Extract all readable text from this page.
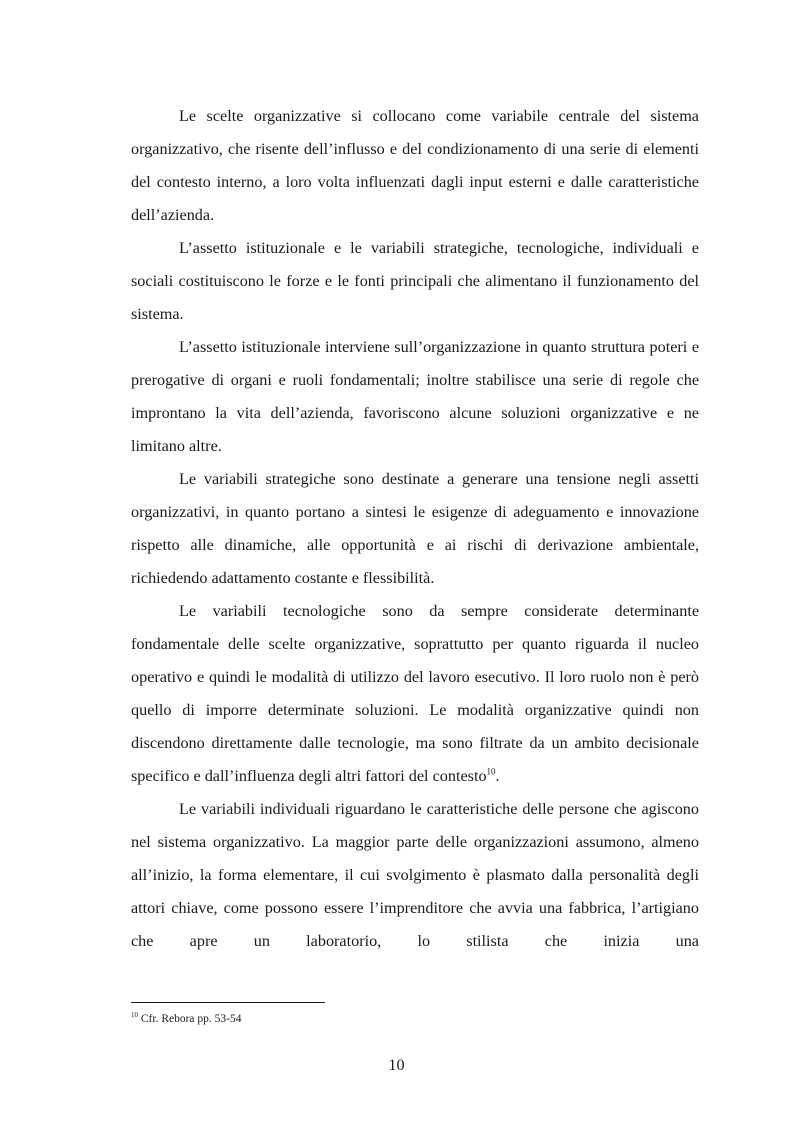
Le scelte organizzative si collocano come variabile centrale del sistema organizzativo, che risente dell’influsso e del condizionamento di una serie di elementi del contesto interno, a loro volta influenzati dagli input esterni e dalle caratteristiche dell’azienda.

L’assetto istituzionale e le variabili strategiche, tecnologiche, individuali e sociali costituiscono le forze e le fonti principali che alimentano il funzionamento del sistema.

L’assetto istituzionale interviene sull’organizzazione in quanto struttura poteri e prerogative di organi e ruoli fondamentali; inoltre stabilisce una serie di regole che improntano la vita dell’azienda, favoriscono alcune soluzioni organizzative e ne limitano altre.

Le variabili strategiche sono destinate a generare una tensione negli assetti organizzativi, in quanto portano a sintesi le esigenze di adeguamento e innovazione rispetto alle dinamiche, alle opportunità e ai rischi di derivazione ambientale, richiedendo adattamento costante e flessibilità.

Le variabili tecnologiche sono da sempre considerate determinante fondamentale delle scelte organizzative, soprattutto per quanto riguarda il nucleo operativo e quindi le modalità di utilizzo del lavoro esecutivo. Il loro ruolo non è però quello di imporre determinate soluzioni. Le modalità organizzative quindi non discendono direttamente dalle tecnologie, ma sono filtrate da un ambito decisionale specifico e dall’influenza degli altri fattori del contesto$^{10}$.

Le variabili individuali riguardano le caratteristiche delle persone che agiscono nel sistema organizzativo. La maggior parte delle organizzazioni assumono, almeno all’inizio, la forma elementare, il cui svolgimento è plasmato dalla personalità degli attori chiave, come possono essere l’imprenditore che avvia una fabbrica, l’artigiano che apre un laboratorio, lo stilista che inizia una

$^{10}$ Cfr. Rebora pp. 53-54
10
